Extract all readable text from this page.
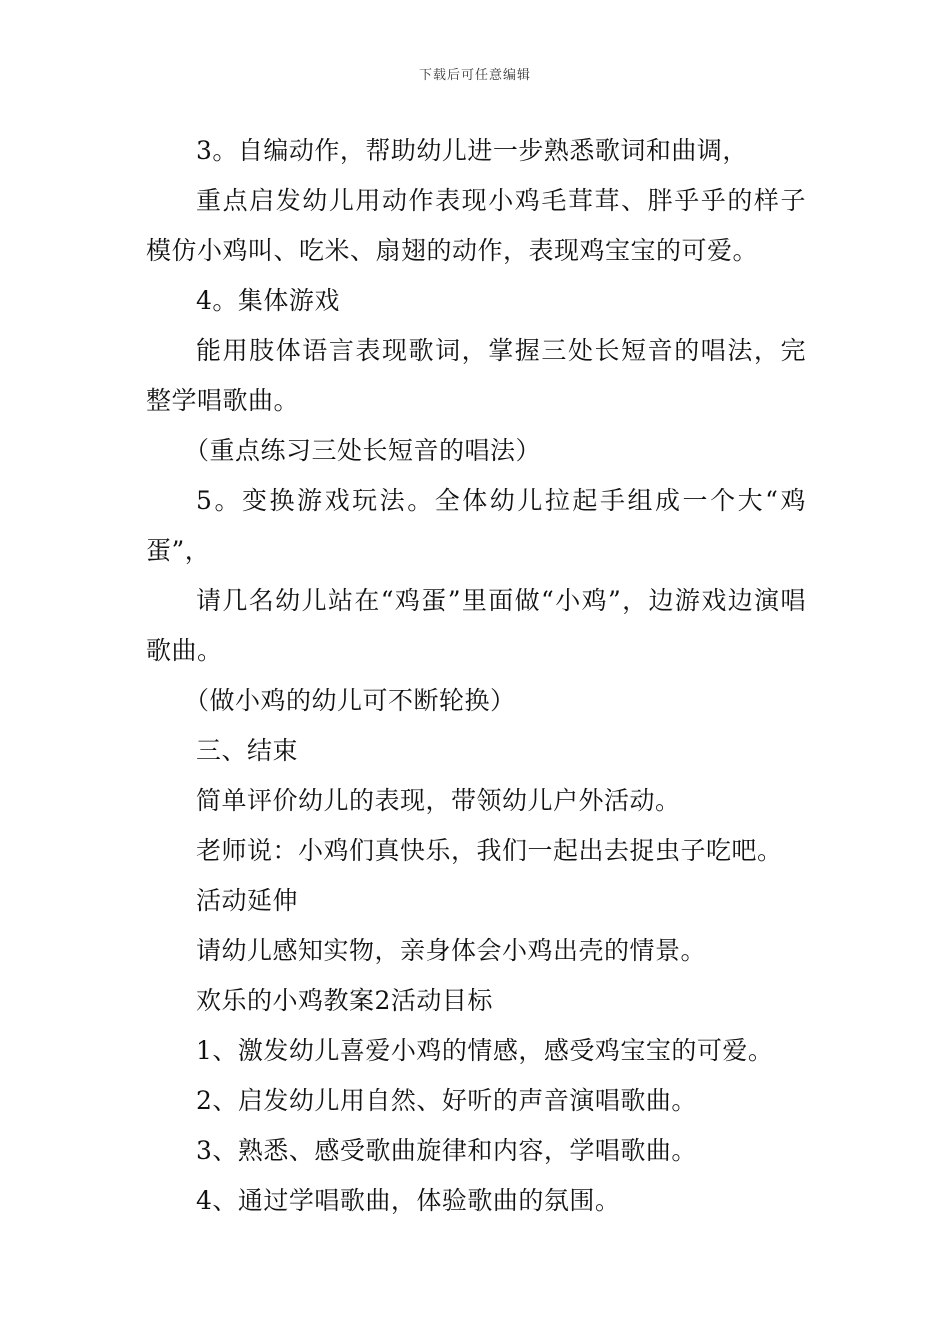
下载后可任意编辑

3。自编动作，帮助幼儿进一步熟悉歌词和曲调，

重点启发幼儿用动作表现小鸡毛茸茸、胖乎乎的样子模仿小鸡叫、吃米、扇翅的动作，表现鸡宝宝的可爱。

4。集体游戏

能用肢体语言表现歌词，掌握三处长短音的唱法，完整学唱歌曲。

（重点练习三处长短音的唱法）

5。变换游戏玩法。全体幼儿拉起手组成一个大“鸡蛋”，

请几名幼儿站在“鸡蛋”里面做“小鸡”，边游戏边演唱歌曲。

（做小鸡的幼儿可不断轮换）

三、结束

简单评价幼儿的表现，带领幼儿户外活动。

老师说：小鸡们真快乐，我们一起出去捉虫子吃吧。

活动延伸

请幼儿感知实物，亲身体会小鸡出壳的情景。

欢乐的小鸡教案2活动目标

1、激发幼儿喜爱小鸡的情感，感受鸡宝宝的可爱。

2、启发幼儿用自然、好听的声音演唱歌曲。

3、熟悉、感受歌曲旋律和内容，学唱歌曲。

4、通过学唱歌曲，体验歌曲的氛围。
